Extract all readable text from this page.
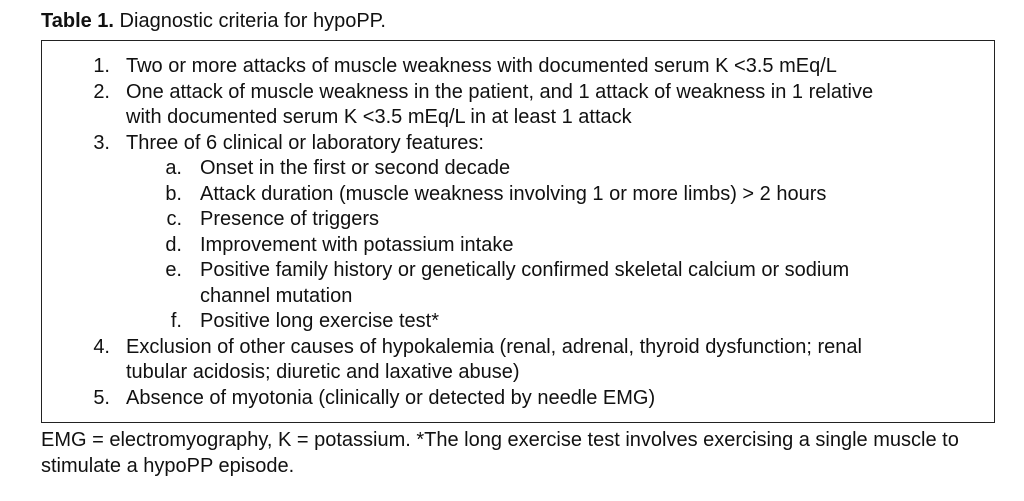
Table 1. Diagnostic criteria for hypoPP.
1. Two or more attacks of muscle weakness with documented serum K <3.5 mEq/L
2. One attack of muscle weakness in the patient, and 1 attack of weakness in 1 relative
with documented serum K <3.5 mEq/L in at least 1 attack
3. Three of 6 clinical or laboratory features:
a. Onset in the first or second decade
b. Attack duration (muscle weakness involving 1 or more limbs) > 2 hours
c. Presence of triggers
d. Improvement with potassium intake
e. Positive family history or genetically confirmed skeletal calcium or sodium
channel mutation
f. Positive long exercise test*
4. Exclusion of other causes of hypokalemia (renal, adrenal, thyroid dysfunction; renal
tubular acidosis; diuretic and laxative abuse)
5. Absence of myotonia (clinically or detected by needle EMG)
EMG = electromyography, K = potassium. *The long exercise test involves exercising a single muscle to stimulate a hypoPP episode.
